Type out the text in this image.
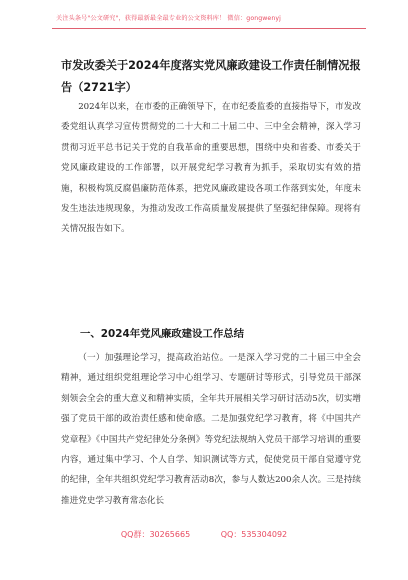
关注头条号"公文研究"，获得最新最全最专业的公文资料库！ 微信：gongwenyj
市发改委关于2024年度落实党风廉政建设工作责任制情况报告（2721字）
2024年以来，在市委的正确领导下，在市纪委监委的直接指导下，市发改委党组认真学习宣传贯彻党的二十大和二十届二中、三中全会精神，深入学习贯彻习近平总书记关于党的自我革命的重要思想，围绕中央和省委、市委关于党风廉政建设的工作部署，以开展党纪学习教育为抓手，采取切实有效的措施，积极构筑反腐倡廉防范体系，把党风廉政建设各项工作落到实处，年度未发生违法违规现象，为推动发改工作高质量发展提供了坚强纪律保障。现将有关情况报告如下。
一、2024年党风廉政建设工作总结
（一）加强理论学习，提高政治站位。一是深入学习党的二十届三中全会精神，通过组织党组理论学习中心组学习、专题研讨等形式，引导党员干部深刻领会全会的重大意义和精神实质，全年共开展相关学习研讨活动5次，切实增强了党员干部的政治责任感和使命感。二是加强党纪学习教育，将《中国共产党章程》《中国共产党纪律处分条例》等党纪法规纳入党员干部学习培训的重要内容，通过集中学习、个人自学、知识测试等方式，促使党员干部自觉遵守党的纪律，全年共组织党纪学习教育活动8次，参与人数达200余人次。三是持续推进党史学习教育常态化长
QQ群：30265665	QQ：535304092
